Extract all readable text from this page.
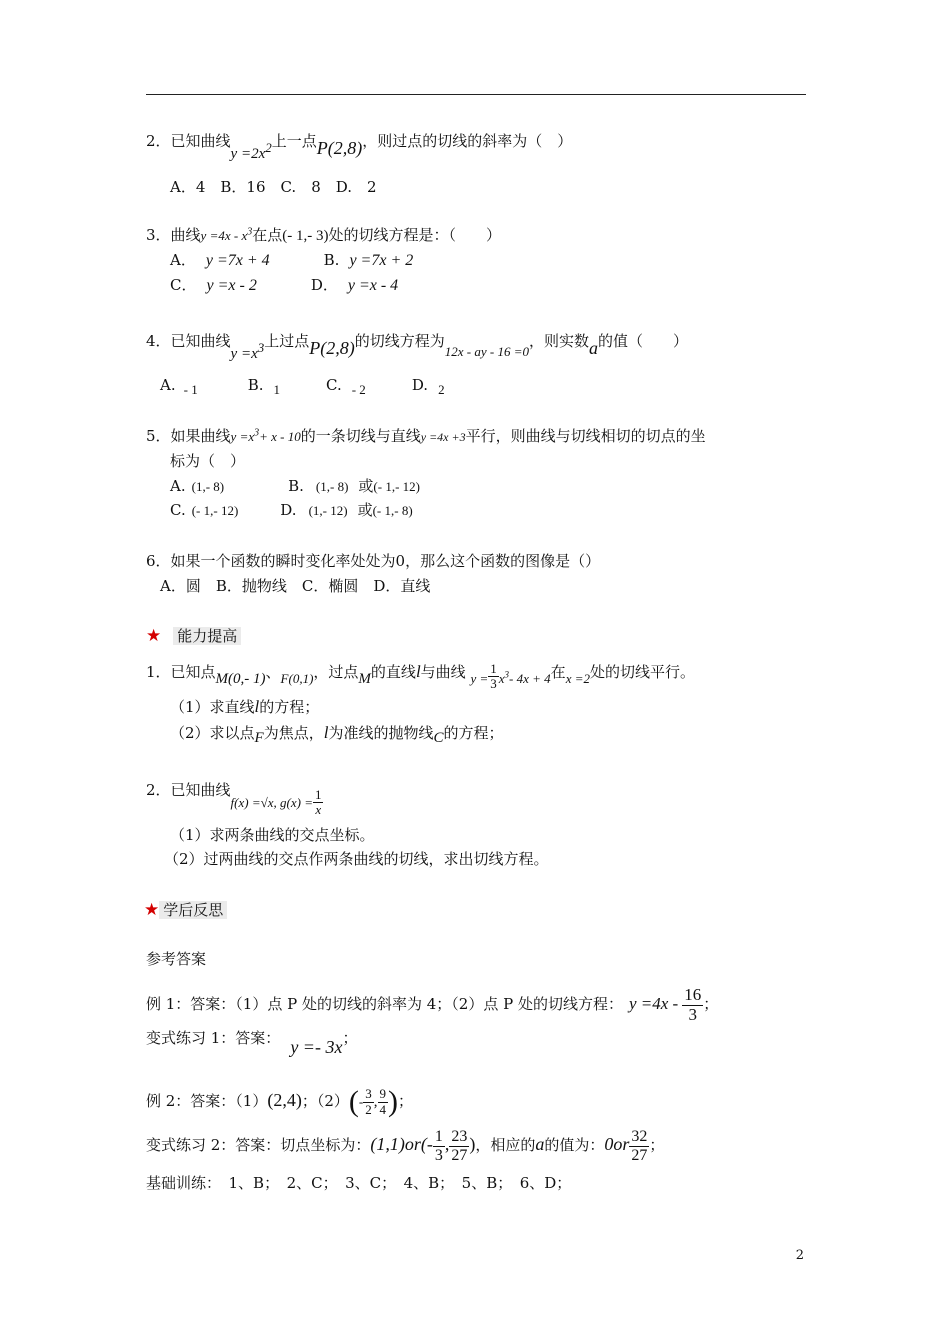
2．已知曲线$y =2x^2$上一点P(2,8)，则过点的切线的斜率为（　）
A．4　B．16　C.　8　D.　2
3．曲线$y =4x - x^3$在点(- 1,- 3)处的切线方程是：（　　）
A． y =7x + 4	B. y =7x + 2
C． y =x - 2	D． y =x - 4
4．已知曲线$y =x^3$上过点P(2,8)的切线方程为12x - ay - 16 =0，则实数a的值（　　）
A. - 1	B. 1	C. - 2	D. 2
5．如果曲线$y =x^3+ x - 10$的一条切线与直线y =4x +3平行，则曲线与切线相切的切点的坐
标为（　）
A. (1,- 8)	B. (1,- 8) 或(- 1,- 12)
C. (- 1,- 12)	D. (1,- 12) 或(- 1,- 8)
6．如果一个函数的瞬时变化率处处为0，那么这个函数的图像是（）
A．圆　B．抛物线　C．椭圆　D．直线
★ 能力提高
1．已知点M(0,- 1)、F(0,1)，过点M的直线l与曲线 $y = \frac{1}{3} x^3-$ 4x + 4在x =2处的切线平行。
（1）求直线l的方程；
（2）求以点F为焦点，l为准线的抛物线C的方程；
2．已知曲线f(x) =√x, $g(x) = \frac{1}{x}$
（1）求两条曲线的交点坐标。
（2）过两曲线的交点作两条曲线的切线，求出切线方程。
★ 学后反思
参考答案
例 1：答案：（1）点 P 处的切线的斜率为 4；（2）点 P 处的切线方程： $y =4x - \frac{16}{3}$ ；
变式练习 1：答案： y =- 3x；
例 2：答案：（1）(2,4)；$(2)(- \frac{3}{2}$ , $\frac{9}{4}$ )；
变式练习 2：答案：切点坐标为：$(1,1)or(- \frac{1}{3}$ , $\frac{23}{27}$ )，相应的a的值为：$0or \frac{32}{27}$ ；
基础训练：　1、B；　2、C；　3、C；　4、B；　5、B；　6、D；
2
